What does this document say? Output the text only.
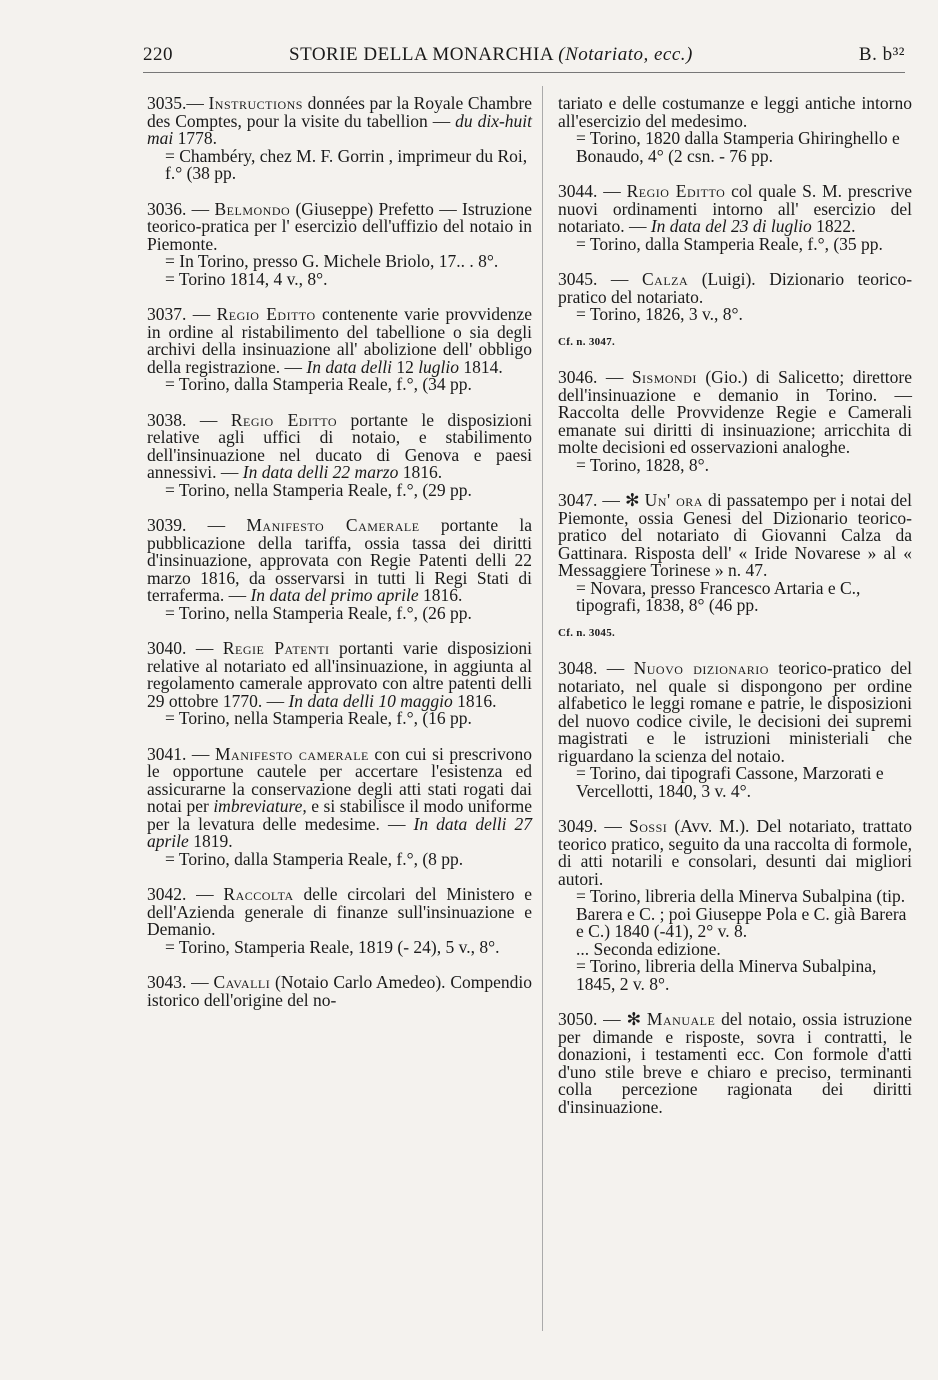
220	STORIE DELLA MONARCHIA (Notariato, ecc.)	B. b³²

3035.— Instructions données par la Royale Chambre des Comptes, pour la visite du tabellion — du dix-huit mai 1778.

= Chambéry, chez M. F. Gorrin , imprimeur du Roi, f.° (38 pp.

3036. — Belmondo (Giuseppe) Prefetto — Istruzione teorico-pratica per l' esercizio dell'uffizio del notaio in Piemonte.

= In Torino, presso G. Michele Briolo, 17.. . 8°.

= Torino 1814, 4 v., 8°.

3037. — Regio Editto contenente varie provvidenze in ordine al ristabilimento del tabellione o sia degli archivi della insinuazione all' abolizione dell' obbligo della registrazione. — In data delli 12 luglio 1814.

= Torino, dalla Stamperia Reale, f.°, (34 pp.

3038. — Regio Editto portante le disposizioni relative agli uffici di notaio, e stabilimento dell'insinuazione nel ducato di Genova e paesi annessivi. — In data delli 22 marzo 1816.

= Torino, nella Stamperia Reale, f.°, (29 pp.

3039. — Manifesto Camerale portante la pubblicazione della tariffa, ossia tassa dei diritti d'insinuazione, approvata con Regie Patenti delli 22 marzo 1816, da osservarsi in tutti li Regi Stati di terraferma. — In data del primo aprile 1816.

= Torino, nella Stamperia Reale, f.°, (26 pp.

3040. — Regie Patenti portanti varie disposizioni relative al notariato ed all'insinuazione, in aggiunta al regolamento camerale approvato con altre patenti delli 29 ottobre 1770. — In data delli 10 maggio 1816.

= Torino, nella Stamperia Reale, f.°, (16 pp.

3041. — Manifesto camerale con cui si prescrivono le opportune cautele per accertare l'esistenza ed assicurarne la conservazione degli atti stati rogati dai notai per imbreviature, e si stabilisce il modo uniforme per la levatura delle medesime. — In data delli 27 aprile 1819.

= Torino, dalla Stamperia Reale, f.°, (8 pp.

3042. — Raccolta delle circolari del Ministero e dell'Azienda generale di finanze sull'insinuazione e Demanio.

= Torino, Stamperia Reale, 1819 (- 24), 5 v., 8°.

3043. — Cavalli (Notaio Carlo Amedeo). Compendio istorico dell'origine del no-

tariato e delle costumanze e leggi antiche intorno all'esercizio del medesimo.

= Torino, 1820 dalla Stamperia Ghiringhello e Bonaudo, 4° (2 csn. - 76 pp.

3044. — Regio Editto col quale S. M. prescrive nuovi ordinamenti intorno all' esercizio del notariato. — In data del 23 di luglio 1822.

= Torino, dalla Stamperia Reale, f.°, (35 pp.

3045. — Calza (Luigi). Dizionario teorico-pratico del notariato.

= Torino, 1826, 3 v., 8°.

Cf. n. 3047.

3046. — Sismondi (Gio.) di Salicetto; direttore dell'insinuazione e demanio in Torino. — Raccolta delle Provvidenze Regie e Camerali emanate sui diritti di insinuazione; arricchita di molte decisioni ed osservazioni analoghe.

= Torino, 1828, 8°.

3047. — ✻ Un' ora di passatempo per i notai del Piemonte, ossia Genesi del Dizionario teorico-pratico del notariato di Giovanni Calza da Gattinara. Risposta dell' « Iride Novarese » al « Messaggiere Torinese » n. 47.

= Novara, presso Francesco Artaria e C., tipografi, 1838, 8° (46 pp.

Cf. n. 3045.

3048. — Nuovo dizionario teorico-pratico del notariato, nel quale si dispongono per ordine alfabetico le leggi romane e patrie, le disposizioni del nuovo codice civile, le decisioni dei supremi magistrati e le istruzioni ministeriali che riguardano la scienza del notaio.

= Torino, dai tipografi Cassone, Marzorati e Vercellotti, 1840, 3 v. 4°.

3049. — Sossi (Avv. M.). Del notariato, trattato teorico pratico, seguito da una raccolta di formole, di atti notarili e consolari, desunti dai migliori autori.

= Torino, libreria della Minerva Subalpina (tip. Barera e C. ; poi Giuseppe Pola e C. già Barera e C.) 1840 (-41), 2° v. 8.

... Seconda edizione.

= Torino, libreria della Minerva Subalpina, 1845, 2 v. 8°.

3050. — ✻ Manuale del notaio, ossia istruzione per dimande e risposte, sovra i contratti, le donazioni, i testamenti ecc. Con formole d'atti d'uno stile breve e chiaro e preciso, terminanti colla percezione ragionata dei diritti d'insinuazione.
